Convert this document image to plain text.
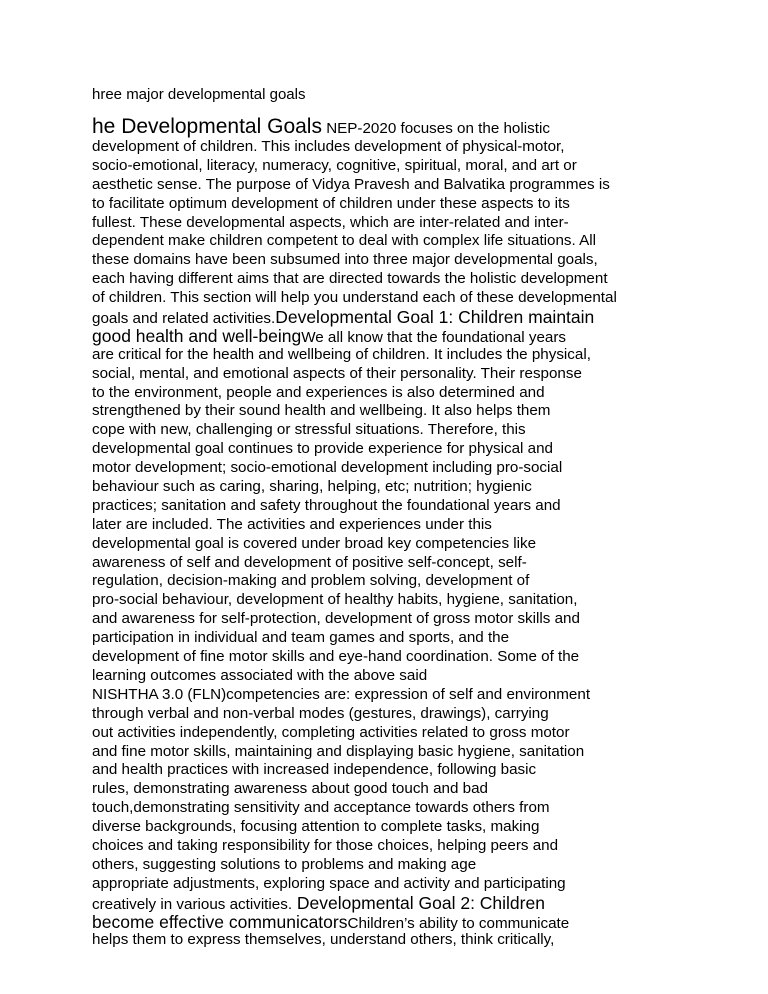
hree major developmental goals
he Developmental Goals NEP-2020 focuses on the holistic
development of children. This includes development of physical-motor,
socio-emotional, literacy, numeracy, cognitive, spiritual, moral, and art or
aesthetic sense. The purpose of Vidya Pravesh and Balvatika programmes is
to facilitate optimum development of children under these aspects to its
fullest. These developmental aspects, which are inter-related and inter-
dependent make children competent to deal with complex life situations. All
these domains have been subsumed into three major developmental goals,
each having different aims that are directed towards the holistic development
of children. This section will help you understand each of these developmental
goals and related activities.Developmental Goal 1: Children maintain
good health and well-beingWe all know that the foundational years
are critical for the health and wellbeing of children. It includes the physical,
social, mental, and emotional aspects of their personality. Their response
to the environment, people and experiences is also determined and
strengthened by their sound health and wellbeing. It also helps them
cope with new, challenging or stressful situations. Therefore, this
developmental goal continues to provide experience for physical and
motor development; socio-emotional development including pro-social
behaviour such as caring, sharing, helping, etc; nutrition; hygienic
practices; sanitation and safety throughout the foundational years and
later are included. The activities and experiences under this
developmental goal is covered under broad key competencies like
awareness of self and development of positive self-concept, self-
regulation, decision-making and problem solving, development of
pro-social behaviour, development of healthy habits, hygiene, sanitation,
and awareness for self-protection, development of gross motor skills and
participation in individual and team games and sports, and the
development of fine motor skills and eye-hand coordination. Some of the
learning outcomes associated with the above said
NISHTHA 3.0 (FLN)competencies are: expression of self and environment
through verbal and non-verbal modes (gestures, drawings), carrying
out activities independently, completing activities related to gross motor
and fine motor skills, maintaining and displaying basic hygiene, sanitation
and health practices with increased independence, following basic
rules, demonstrating awareness about good touch and bad
touch,demonstrating sensitivity and acceptance towards others from
diverse backgrounds, focusing attention to complete tasks, making
choices and taking responsibility for those choices, helping peers and
others, suggesting solutions to problems and making age
appropriate adjustments, exploring space and activity and participating
creatively in various activities. Developmental Goal 2: Children
become effective communicatorsChildren’s ability to communicate
helps them to express themselves, understand others, think critically,
